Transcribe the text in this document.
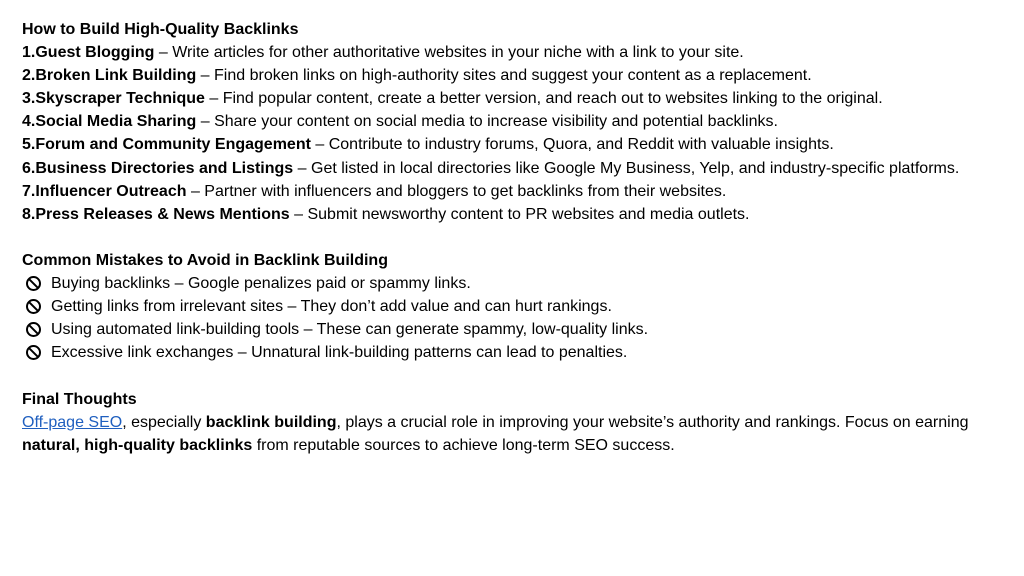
How to Build High-Quality Backlinks
1.Guest Blogging – Write articles for other authoritative websites in your niche with a link to your site.
2.Broken Link Building – Find broken links on high-authority sites and suggest your content as a replacement.
3.Skyscraper Technique – Find popular content, create a better version, and reach out to websites linking to the original.
4.Social Media Sharing – Share your content on social media to increase visibility and potential backlinks.
5.Forum and Community Engagement – Contribute to industry forums, Quora, and Reddit with valuable insights.
6.Business Directories and Listings – Get listed in local directories like Google My Business, Yelp, and industry-specific platforms.
7.Influencer Outreach – Partner with influencers and bloggers to get backlinks from their websites.
8.Press Releases & News Mentions – Submit newsworthy content to PR websites and media outlets.
Common Mistakes to Avoid in Backlink Building
Buying backlinks – Google penalizes paid or spammy links.
Getting links from irrelevant sites – They don’t add value and can hurt rankings.
Using automated link-building tools – These can generate spammy, low-quality links.
Excessive link exchanges – Unnatural link-building patterns can lead to penalties.
Final Thoughts
Off-page SEO, especially backlink building, plays a crucial role in improving your website’s authority and rankings. Focus on earning natural, high-quality backlinks from reputable sources to achieve long-term SEO success.
